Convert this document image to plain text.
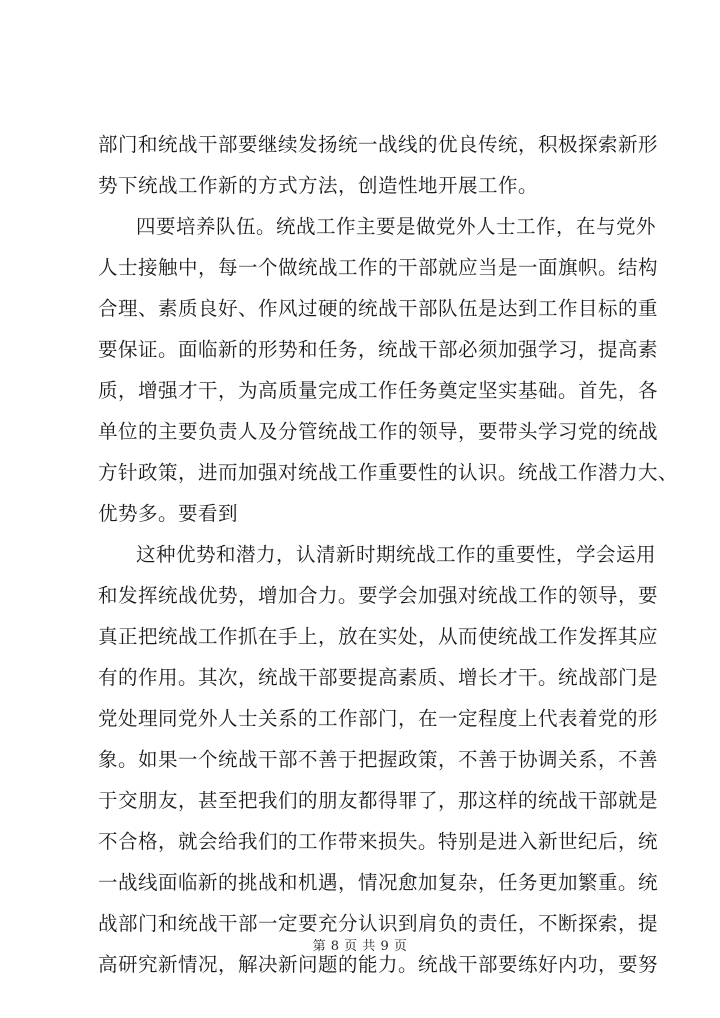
部门和统战干部要继续发扬统一战线的优良传统，积极探索新形
势下统战工作新的方式方法，创造性地开展工作。
四要培养队伍。统战工作主要是做党外人士工作，在与党外
人士接触中，每一个做统战工作的干部就应当是一面旗帜。结构
合理、素质良好、作风过硬的统战干部队伍是达到工作目标的重
要保证。面临新的形势和任务，统战干部必须加强学习，提高素
质，增强才干，为高质量完成工作任务奠定坚实基础。首先，各
单位的主要负责人及分管统战工作的领导，要带头学习党的统战
方针政策，进而加强对统战工作重要性的认识。统战工作潜力大、
优势多。要看到
这种优势和潜力，认清新时期统战工作的重要性，学会运用
和发挥统战优势，增加合力。要学会加强对统战工作的领导，要
真正把统战工作抓在手上，放在实处，从而使统战工作发挥其应
有的作用。其次，统战干部要提高素质、增长才干。统战部门是
党处理同党外人士关系的工作部门，在一定程度上代表着党的形
象。如果一个统战干部不善于把握政策，不善于协调关系，不善
于交朋友，甚至把我们的朋友都得罪了，那这样的统战干部就是
不合格，就会给我们的工作带来损失。特别是进入新世纪后，统
一战线面临新的挑战和机遇，情况愈加复杂，任务更加繁重。统
战部门和统战干部一定要充分认识到肩负的责任，不断探索，提
高研究新情况，解决新问题的能力。统战干部要练好内功，要努
第 8 页 共 9 页
